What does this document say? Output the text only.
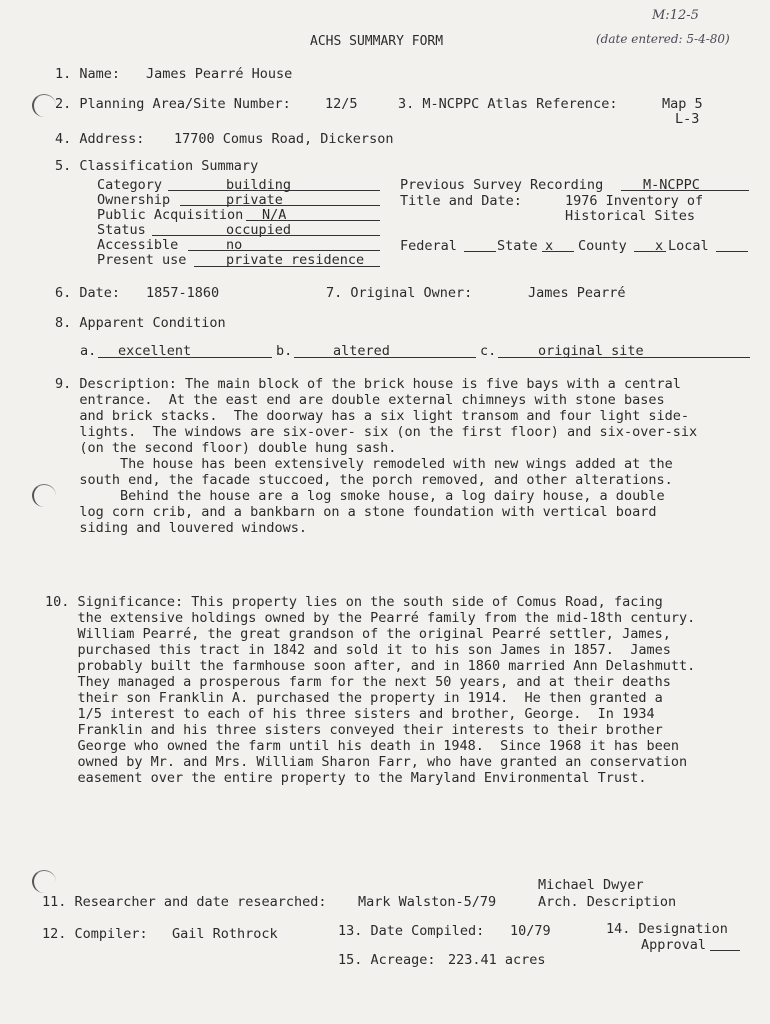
M:12-5
(date entered: 5-4-80)
ACHS SUMMARY FORM
1. Name: James Pearré House
2. Planning Area/Site Number:	12/5	3. M-NCPPC Atlas Reference:	Map 5
L-3
4. Address: 17700 Comus Road, Dickerson
5. Classification Summary
Category	building
Ownership	private
Public Acquisition N/A
Status	occupied
Accessible	no
Present use	private residence
Previous Survey Recording	M-NCPPC
Title and Date:	1976 Inventory of
Historical Sites
Federal	State x County x Local
6. Date: 1857-1860	7. Original Owner:	James Pearré
8. Apparent Condition
a. excellent	b.	altered	c.	original site
9. Description: The main block of the brick house is five bays with a central
entrance.  At the east end are double external chimneys with stone bases
and brick stacks.  The doorway has a six light transom and four light side-
lights.  The windows are six-over- six (on the first floor) and six-over-six
(on the second floor) double hung sash.
The house has been extensively remodeled with new wings added at the
south end, the facade stuccoed, the porch removed, and other alterations.
Behind the house are a log smoke house, a log dairy house, a double
log corn crib, and a bankbarn on a stone foundation with vertical board
siding and louvered windows.
10. Significance: This property lies on the south side of Comus Road, facing
the extensive holdings owned by the Pearré family from the mid-18th century.
William Pearré, the great grandson of the original Pearré settler, James,
purchased this tract in 1842 and sold it to his son James in 1857.  James
probably built the farmhouse soon after, and in 1860 married Ann Delashmutt.
They managed a prosperous farm for the next 50 years, and at their deaths
their son Franklin A. purchased the property in 1914.  He then granted a
1/5 interest to each of his three sisters and brother, George.  In 1934
Franklin and his three sisters conveyed their interests to their brother
George who owned the farm until his death in 1948.  Since 1968 it has been
owned by Mr. and Mrs. William Sharon Farr, who have granted an conservation
easement over the entire property to the Maryland Environmental Trust.
Michael Dwyer
11. Researcher and date researched: Mark Walston-5/79	Arch. Description
12. Compiler: Gail Rothrock	13. Date Compiled: 10/79	14. Designation
Approval
15. Acreage: 223.41 acres
